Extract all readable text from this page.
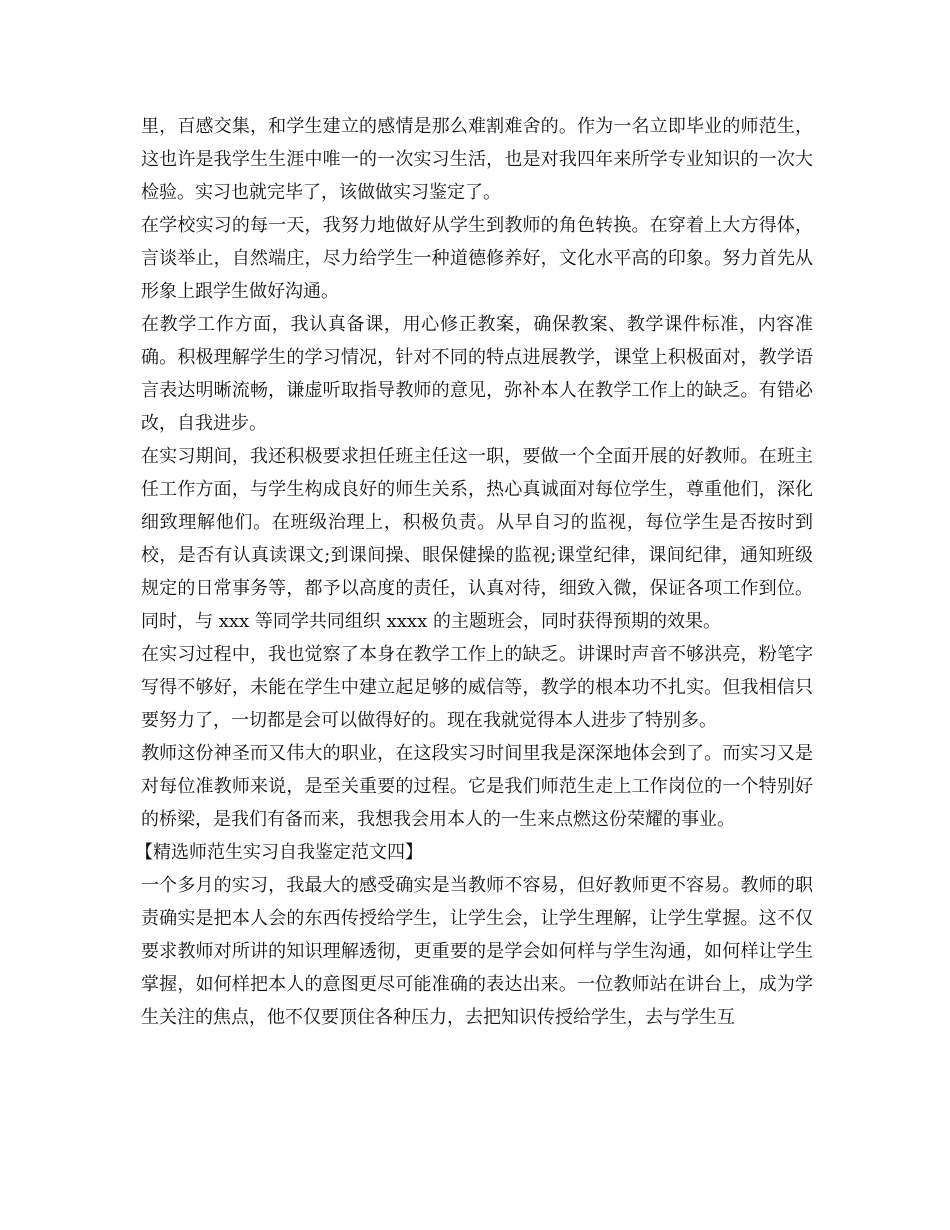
里，百感交集，和学生建立的感情是那么难割难舍的。作为一名立即毕业的师范生，这也许是我学生生涯中唯一的一次实习生活，也是对我四年来所学专业知识的一次大检验。实习也就完毕了，该做做实习鉴定了。

在学校实习的每一天，我努力地做好从学生到教师的角色转换。在穿着上大方得体，言谈举止，自然端庄，尽力给学生一种道德修养好，文化水平高的印象。努力首先从形象上跟学生做好沟通。

在教学工作方面，我认真备课，用心修正教案，确保教案、教学课件标准，内容准确。积极理解学生的学习情况，针对不同的特点进展教学，课堂上积极面对，教学语言表达明晰流畅，谦虚听取指导教师的意见，弥补本人在教学工作上的缺乏。有错必改，自我进步。

在实习期间，我还积极要求担任班主任这一职，要做一个全面开展的好教师。在班主任工作方面，与学生构成良好的师生关系，热心真诚面对每位学生，尊重他们，深化细致理解他们。在班级治理上，积极负责。从早自习的监视，每位学生是否按时到校，是否有认真读课文;到课间操、眼保健操的监视;课堂纪律，课间纪律，通知班级规定的日常事务等，都予以高度的责任，认真对待，细致入微，保证各项工作到位。同时，与 xxx 等同学共同组织 xxxx 的主题班会，同时获得预期的效果。

在实习过程中，我也觉察了本身在教学工作上的缺乏。讲课时声音不够洪亮，粉笔字写得不够好，未能在学生中建立起足够的威信等，教学的根本功不扎实。但我相信只要努力了，一切都是会可以做得好的。现在我就觉得本人进步了特别多。

教师这份神圣而又伟大的职业，在这段实习时间里我是深深地体会到了。而实习又是对每位准教师来说，是至关重要的过程。它是我们师范生走上工作岗位的一个特别好的桥梁，是我们有备而来，我想我会用本人的一生来点燃这份荣耀的事业。

【精选师范生实习自我鉴定范文四】

一个多月的实习，我最大的感受确实是当教师不容易，但好教师更不容易。教师的职责确实是把本人会的东西传授给学生，让学生会，让学生理解，让学生掌握。这不仅要求教师对所讲的知识理解透彻，更重要的是学会如何样与学生沟通，如何样让学生掌握，如何样把本人的意图更尽可能准确的表达出来。一位教师站在讲台上，成为学生关注的焦点，他不仅要顶住各种压力，去把知识传授给学生，去与学生互
